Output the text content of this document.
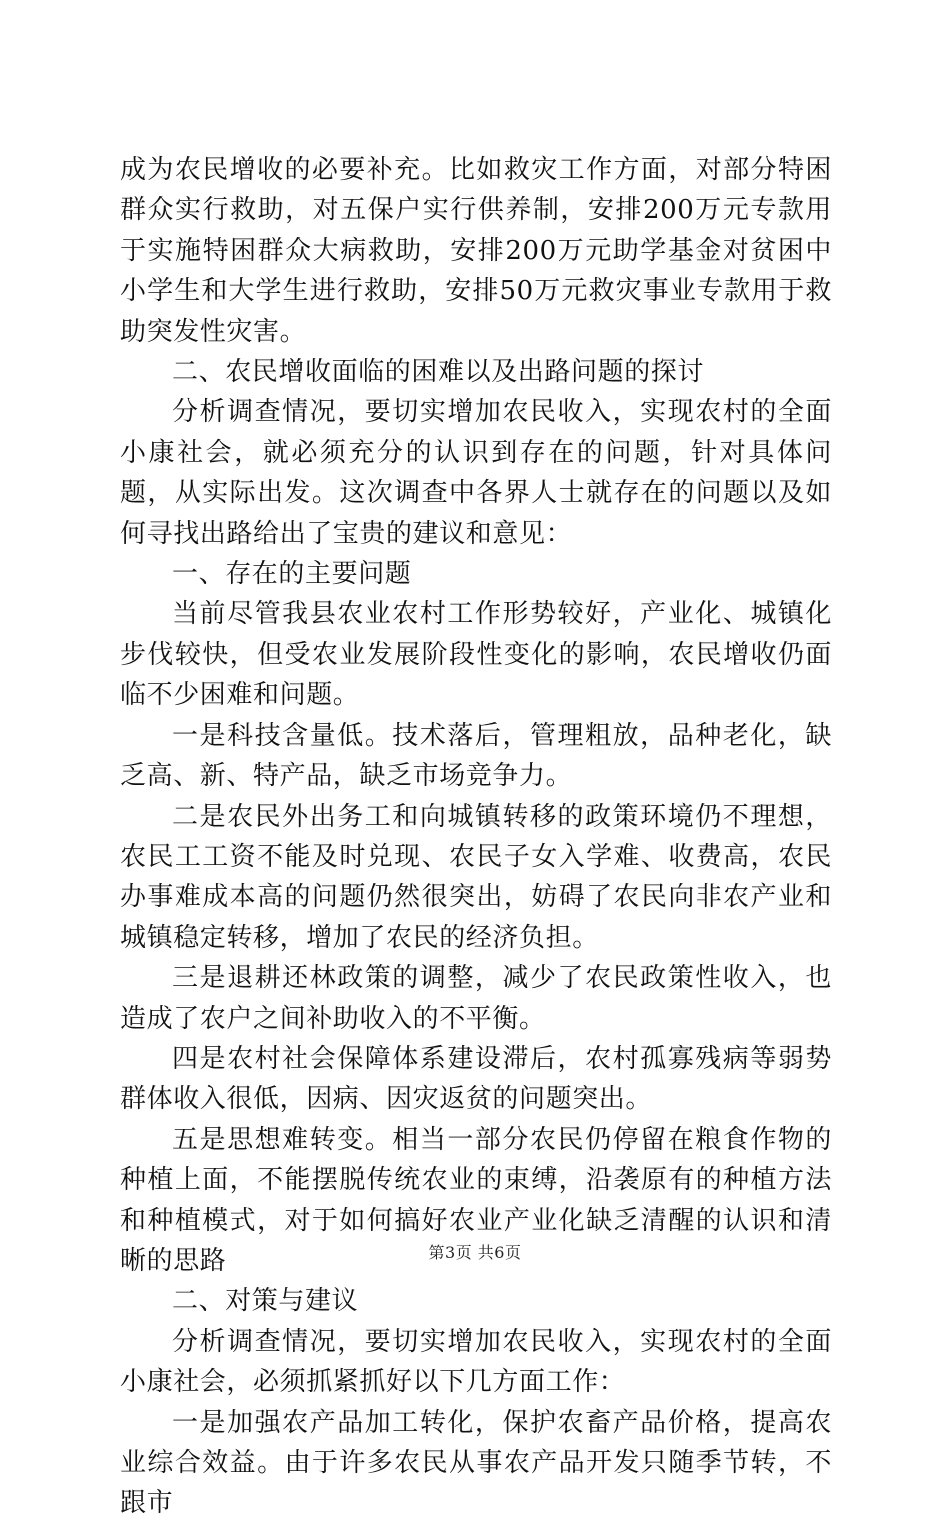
成为农民增收的必要补充。比如救灾工作方面，对部分特困群众实行救助，对五保户实行供养制，安排200万元专款用于实施特困群众大病救助，安排200万元助学基金对贫困中小学生和大学生进行救助，安排50万元救灾事业专款用于救助突发性灾害。

二、农民增收面临的困难以及出路问题的探讨

分析调查情况，要切实增加农民收入，实现农村的全面小康社会，就必须充分的认识到存在的问题，针对具体问题，从实际出发。这次调查中各界人士就存在的问题以及如何寻找出路给出了宝贵的建议和意见：

一、存在的主要问题

当前尽管我县农业农村工作形势较好，产业化、城镇化步伐较快，但受农业发展阶段性变化的影响，农民增收仍面临不少困难和问题。

一是科技含量低。技术落后，管理粗放，品种老化，缺乏高、新、特产品，缺乏市场竞争力。

二是农民外出务工和向城镇转移的政策环境仍不理想，农民工工资不能及时兑现、农民子女入学难、收费高，农民办事难成本高的问题仍然很突出，妨碍了农民向非农产业和城镇稳定转移，增加了农民的经济负担。

三是退耕还林政策的调整，减少了农民政策性收入，也造成了农户之间补助收入的不平衡。

四是农村社会保障体系建设滞后，农村孤寡残病等弱势群体收入很低，因病、因灾返贫的问题突出。

五是思想难转变。相当一部分农民仍停留在粮食作物的种植上面，不能摆脱传统农业的束缚，沿袭原有的种植方法和种植模式，对于如何搞好农业产业化缺乏清醒的认识和清晰的思路

二、对策与建议

分析调查情况，要切实增加农民收入，实现农村的全面小康社会，必须抓紧抓好以下几方面工作：

一是加强农产品加工转化，保护农畜产品价格，提高农业综合效益。由于许多农民从事农产品开发只随季节转，不跟市

第3页 共6页
